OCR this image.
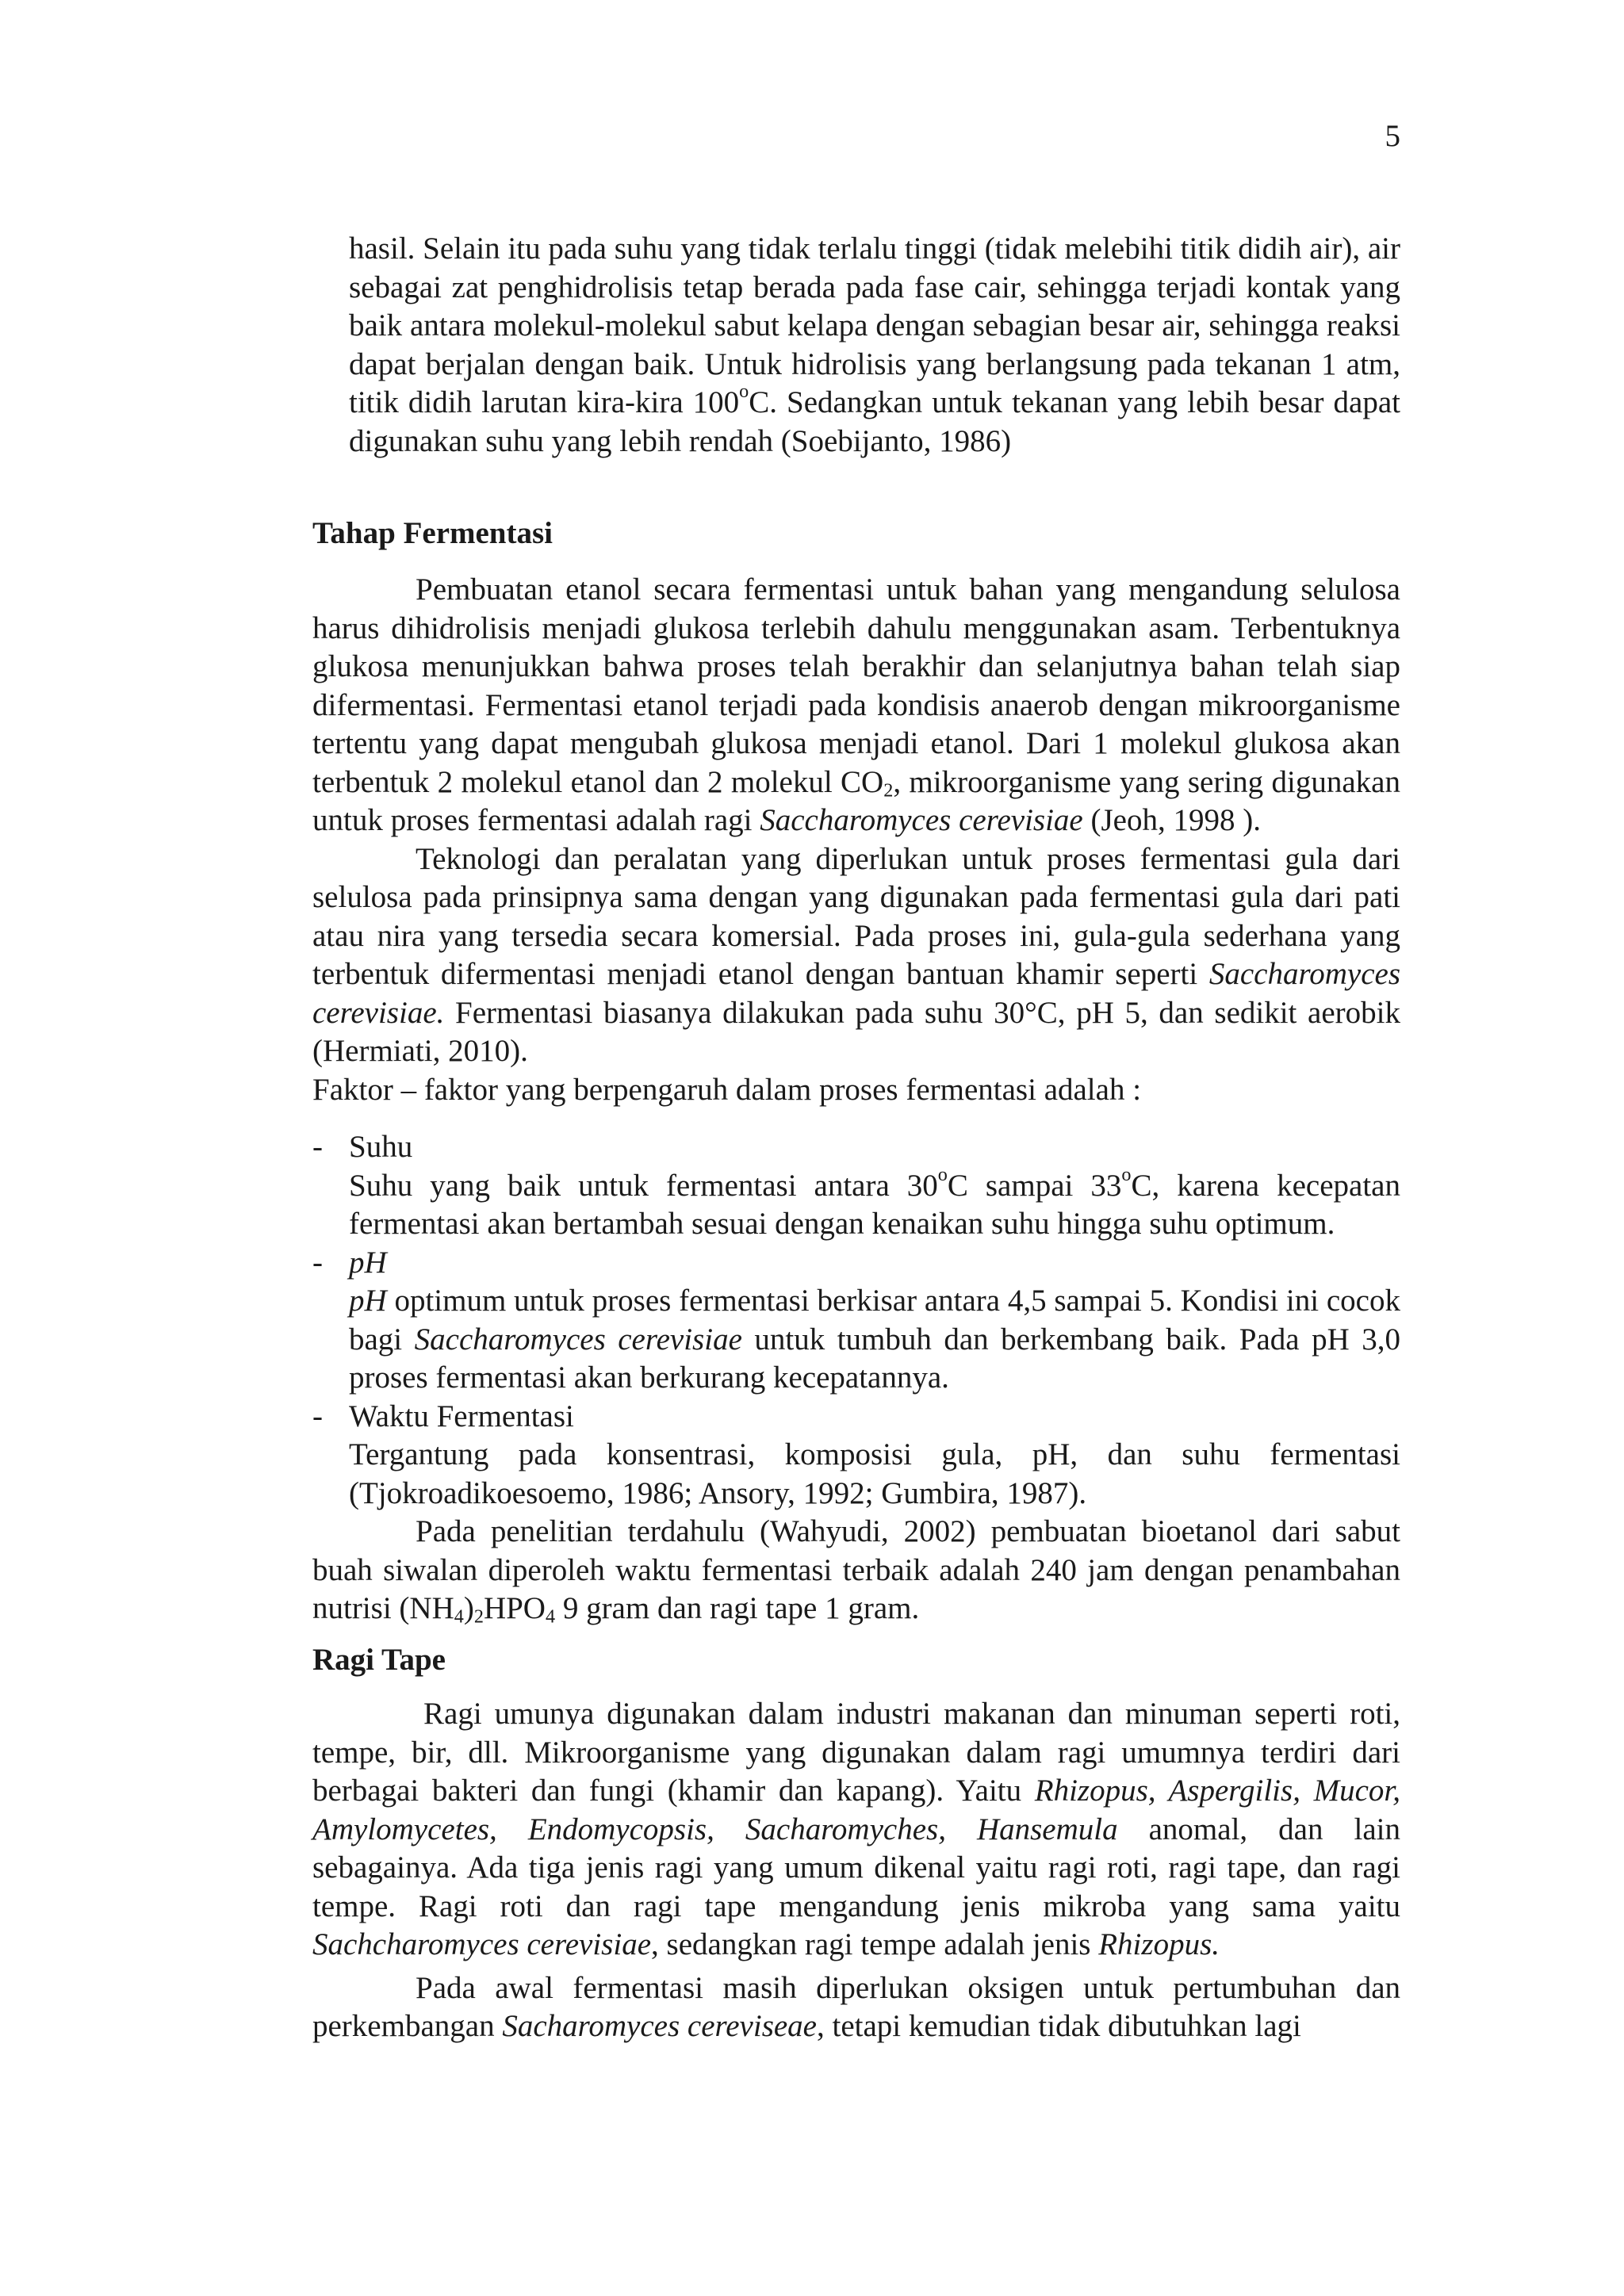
5
hasil. Selain itu pada suhu yang tidak terlalu tinggi (tidak melebihi titik didih air), air sebagai zat penghidrolisis tetap berada pada fase cair, sehingga terjadi kontak yang baik antara molekul-molekul sabut kelapa dengan sebagian besar air, sehingga reaksi dapat berjalan dengan baik. Untuk hidrolisis yang berlangsung pada tekanan 1 atm, titik didih larutan kira-kira 100$^o$C. Sedangkan untuk tekanan yang lebih besar dapat digunakan suhu yang lebih rendah (Soebijanto, 1986)
Tahap Fermentasi

Pembuatan etanol secara fermentasi untuk bahan yang mengandung selulosa harus dihidrolisis menjadi glukosa terlebih dahulu menggunakan asam. Terbentuknya glukosa menunjukkan bahwa proses telah berakhir dan selanjutnya bahan telah siap difermentasi. Fermentasi etanol terjadi pada kondisis anaerob dengan mikroorganisme tertentu yang dapat mengubah glukosa menjadi etanol. Dari 1 molekul glukosa akan terbentuk 2 molekul etanol dan 2 molekul $CO_2$, mikroorganisme yang sering digunakan untuk proses fermentasi adalah ragi Saccharomyces cerevisiae (Jeoh, 1998 ).

Teknologi dan peralatan yang diperlukan untuk proses fermentasi gula dari selulosa pada prinsipnya sama dengan yang digunakan pada fermentasi gula dari pati atau nira yang tersedia secara komersial. Pada proses ini, gula-gula sederhana yang terbentuk difermentasi menjadi etanol dengan bantuan khamir seperti Saccharomyces cerevisiae. Fermentasi biasanya dilakukan pada suhu 30°C, pH 5, dan sedikit aerobik (Hermiati, 2010).

Faktor – faktor yang berpengaruh dalam proses fermentasi adalah :

- Suhu
Suhu yang baik untuk fermentasi antara 30$^o$C sampai 33$^o$C, karena kecepatan fermentasi akan bertambah sesuai dengan kenaikan suhu hingga suhu optimum.
- pH
pH optimum untuk proses fermentasi berkisar antara 4,5 sampai 5. Kondisi ini cocok bagi Saccharomyces cerevisiae untuk tumbuh dan berkembang baik. Pada pH 3,0 proses fermentasi akan berkurang kecepatannya.
- Waktu Fermentasi
Tergantung pada konsentrasi, komposisi gula, pH, dan suhu fermentasi (Tjokroadikoesoemo, 1986; Ansory, 1992; Gumbira, 1987).

Pada penelitian terdahulu (Wahyudi, 2002) pembuatan bioetanol dari sabut buah siwalan diperoleh waktu fermentasi terbaik adalah 240 jam dengan penambahan nutrisi $(NH_4)_2HPO_4$ 9 gram dan ragi tape 1 gram.

Ragi Tape

Ragi umunya digunakan dalam industri makanan dan minuman seperti roti, tempe, bir, dll. Mikroorganisme yang digunakan dalam ragi umumnya terdiri dari berbagai bakteri dan fungi (khamir dan kapang). Yaitu Rhizopus, Aspergilis, Mucor, Amylomycetes, Endomycopsis, Sacharomyches, Hansemula anomal, dan lain sebagainya. Ada tiga jenis ragi yang umum dikenal yaitu ragi roti, ragi tape, dan ragi tempe. Ragi roti dan ragi tape mengandung jenis mikroba yang sama yaitu Sachcharomyces cerevisiae, sedangkan ragi tempe adalah jenis Rhizopus.

Pada awal fermentasi masih diperlukan oksigen untuk pertumbuhan dan perkembangan Sacharomyces cereviseae, tetapi kemudian tidak dibutuhkan lagi
